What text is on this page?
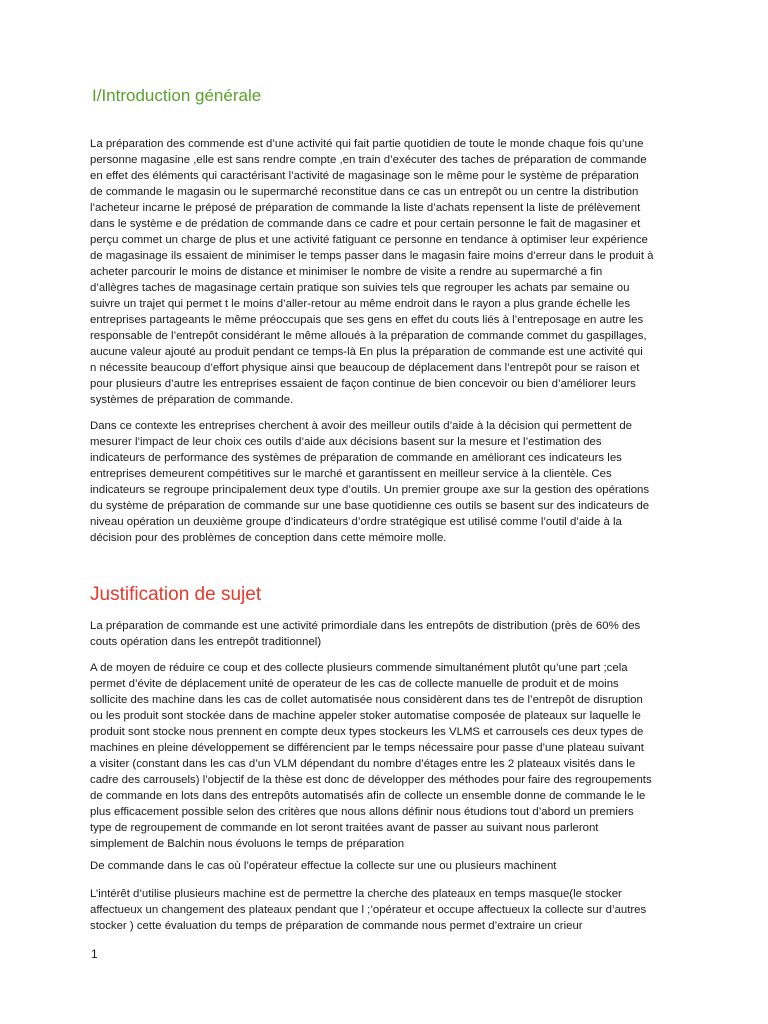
I/Introduction générale

La préparation des commende est d’une activité qui fait partie quotidien de toute le monde chaque fois qu’une
personne magasine ,elle est sans rendre compte ,en train d’exécuter des taches de préparation de commande
en effet des éléments qui caractérisant l’activité de magasinage son le même pour le système de préparation
de commande le magasin ou le supermarché reconstitue dans ce cas un entrepôt ou un centre la distribution
l’acheteur incarne le préposé de préparation de commande la liste d’achats repensent la liste de prélèvement
dans le système e de prédation de commande dans ce cadre et pour certain personne le fait de magasiner et
perçu commet un charge de plus et une activité fatiguant ce personne en tendance à optimiser leur expérience
de magasinage ils essaient de minimiser le temps passer dans le magasin faire moins d’erreur dans le produit à
acheter parcourir le moins de distance et minimiser le nombre de visite a rendre au supermarché a fin
d’allègres taches de magasinage certain pratique son suivies tels que regrouper les achats par semaine ou
suivre un trajet qui permet t le moins d’aller-retour au même endroit dans le rayon a plus grande échelle les
entreprises partageants le même préoccupais que ses gens en effet du couts liés à l’entreposage en autre les
responsable de l’entrepôt considérant le même alloués à la préparation de commande commet du gaspillages,
aucune valeur ajouté au produit pendant ce temps-là En plus la préparation de commande est une activité qui
n nécessite beaucoup d’effort physique ainsi que beaucoup de déplacement dans l’entrepôt pour se raison et
pour plusieurs d’autre les entreprises essaient de façon continue de bien concevoir ou bien d’améliorer leurs
systèmes de préparation de commande.

Dans ce contexte les entreprises cherchent à avoir des meilleur outils d’aide à la décision qui permettent de
mesurer l’impact de leur choix ces outils d’aide aux décisions basent sur la mesure et l’estimation des
indicateurs de performance des systèmes de préparation de commande en améliorant ces indicateurs les
entreprises demeurent compétitives sur le marché et garantissent en meilleur service à la clientèle. Ces
indicateurs se regroupe principalement deux type d’outils. Un premier groupe axe sur la gestion des opérations
du système de préparation de commande sur une base quotidienne ces outils se basent sur des indicateurs de
niveau opération un deuxième groupe d’indicateurs d’ordre stratégique est utilisé comme l’outil d’aide à la
décision pour des problèmes de conception dans cette mémoire molle.

Justification de sujet

La préparation de commande est une activité primordiale dans les entrepôts de distribution (près de 60% des
couts opération dans les entrepôt traditionnel)

A de moyen de réduire ce coup et des collecte plusieurs commende simultanément plutôt qu’une part ;cela
permet d’évite de déplacement unité de operateur de les cas de collecte manuelle de produit et de moins
sollicite des machine dans les cas de collet automatisée nous considèrent dans tes de l’entrepôt de disruption
ou les produit sont stockée dans de machine appeler stoker automatise composée de plateaux sur laquelle le
produit sont stocke nous prennent en compte deux types stockeurs les VLMS et carrousels ces deux types de
machines en pleine développement se différencient par le temps nécessaire pour passe d’une plateau suivant
a visiter (constant dans les cas d’un VLM dépendant du nombre d’étages entre les 2 plateaux visités dans le
cadre des carrousels) l’objectif de la thèse est donc de développer des méthodes pour faire des regroupements
de commande en lots dans des entrepôts automatisés afin de collecte un ensemble donne de commande le le
plus efficacement possible selon des critères que nous allons définir nous étudions tout d’abord un premiers
type de regroupement de commande en lot seront traitées avant de passer au suivant nous parleront
simplement de Balchin nous évoluons le temps de préparation

De commande dans le cas où l’opérateur effectue la collecte sur une ou plusieurs machinent

L’intérêt d’utilise plusieurs machine est de permettre la cherche des plateaux en temps masque(le stocker
affectueux un changement des plateaux pendant que l ;’opérateur et occupe affectueux la collecte sur d’autres
stocker ) cette évaluation du temps de préparation de commande nous permet d’extraire un crieur

1
